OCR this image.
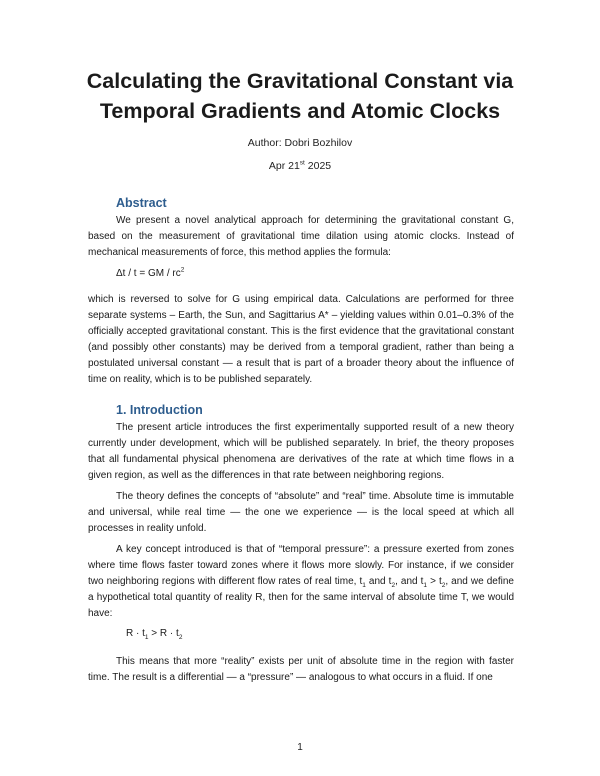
Calculating the Gravitational Constant via
Temporal Gradients and Atomic Clocks
Author: Dobri Bozhilov
Apr 21st 2025
Abstract

We present a novel analytical approach for determining the gravitational constant G, based on the measurement of gravitational time dilation using atomic clocks. Instead of mechanical measurements of force, this method applies the formula:

Δt / t = GM / $rc^2$

which is reversed to solve for G using empirical data. Calculations are performed for three separate systems – Earth, the Sun, and Sagittarius A* – yielding values within 0.01–0.3% of the officially accepted gravitational constant. This is the first evidence that the gravitational constant (and possibly other constants) may be derived from a temporal gradient, rather than being a postulated universal constant — a result that is part of a broader theory about the influence of time on reality, which is to be published separately.

1. Introduction

The present article introduces the first experimentally supported result of a new theory currently under development, which will be published separately. In brief, the theory proposes that all fundamental physical phenomena are derivatives of the rate at which time flows in a given region, as well as the differences in that rate between neighboring regions.

The theory defines the concepts of “absolute” and “real” time. Absolute time is immutable and universal, while real time — the one we experience — is the local speed at which all processes in reality unfold.

A key concept introduced is that of “temporal pressure”: a pressure exerted from zones where time flows faster toward zones where it flows more slowly. For instance, if we consider two neighboring regions with different flow rates of real time, $t_1$ and $t_2$, and $t_1 > t_2$, and we define a hypothetical total quantity of reality R, then for the same interval of absolute time T, we would have:

$R \cdot t_1 > R \cdot t_2$

This means that more “reality” exists per unit of absolute time in the region with faster time. The result is a differential — a “pressure” — analogous to what occurs in a fluid. If one

1
